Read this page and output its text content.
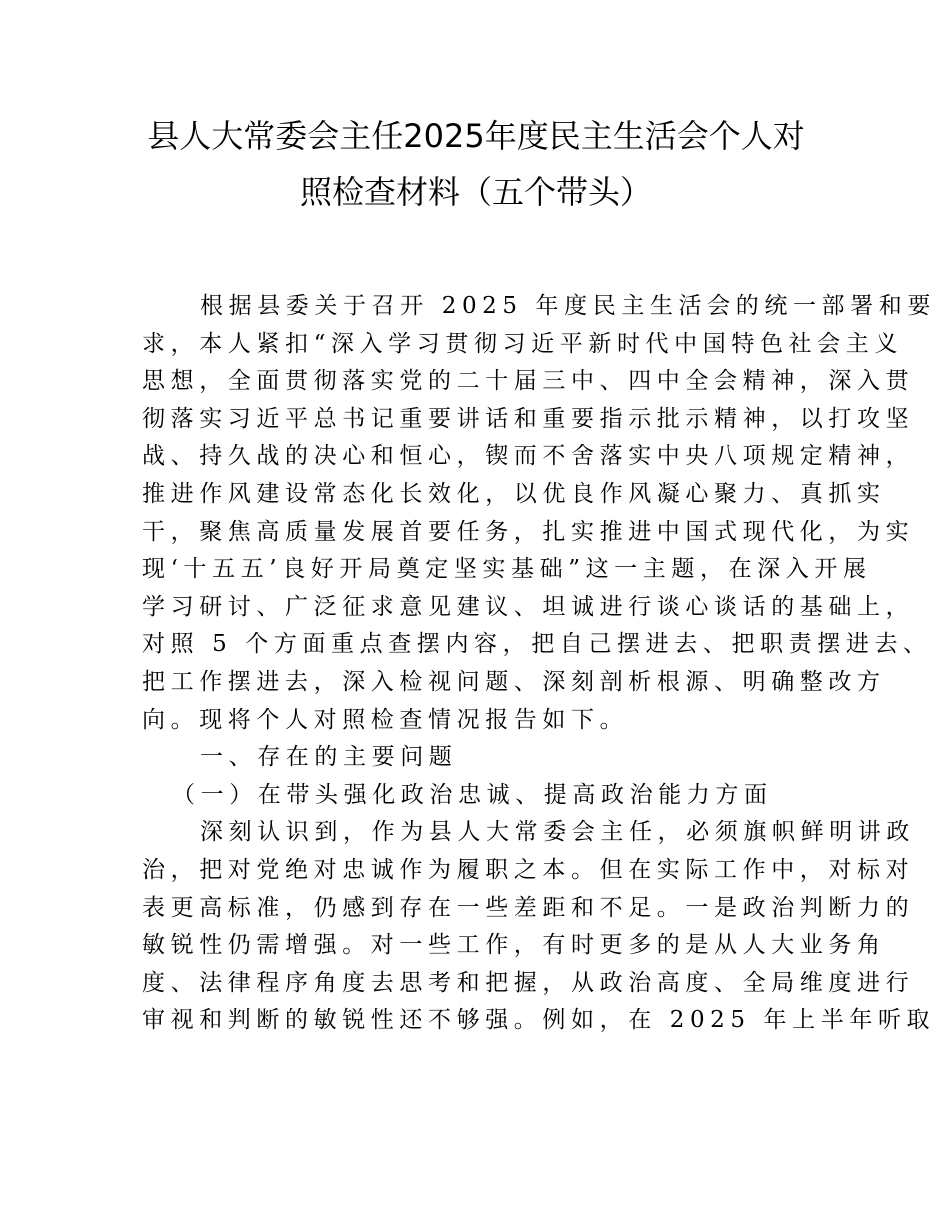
县人大常委会主任2025年度民主生活会个人对
照检查材料（五个带头）
根据县委关于召开 2025 年度民主生活会的统一部署和要
求，本人紧扣“深入学习贯彻习近平新时代中国特色社会主义
思想，全面贯彻落实党的二十届三中、四中全会精神，深入贯
彻落实习近平总书记重要讲话和重要指示批示精神，以打攻坚
战、持久战的决心和恒心，锲而不舍落实中央八项规定精神，
推进作风建设常态化长效化，以优良作风凝心聚力、真抓实
干，聚焦高质量发展首要任务，扎实推进中国式现代化，为实
现‘十五五’良好开局奠定坚实基础”这一主题，在深入开展
学习研讨、广泛征求意见建议、坦诚进行谈心谈话的基础上，
对照 5 个方面重点查摆内容，把自己摆进去、把职责摆进去、
把工作摆进去，深入检视问题、深刻剖析根源、明确整改方
向。现将个人对照检查情况报告如下。
一、存在的主要问题
（一）在带头强化政治忠诚、提高政治能力方面
深刻认识到，作为县人大常委会主任，必须旗帜鲜明讲政
治，把对党绝对忠诚作为履职之本。但在实际工作中，对标对
表更高标准，仍感到存在一些差距和不足。一是政治判断力的
敏锐性仍需增强。对一些工作，有时更多的是从人大业务角
度、法律程序角度去思考和把握，从政治高度、全局维度进行
审视和判断的敏锐性还不够强。例如，在 2025 年上半年听取
